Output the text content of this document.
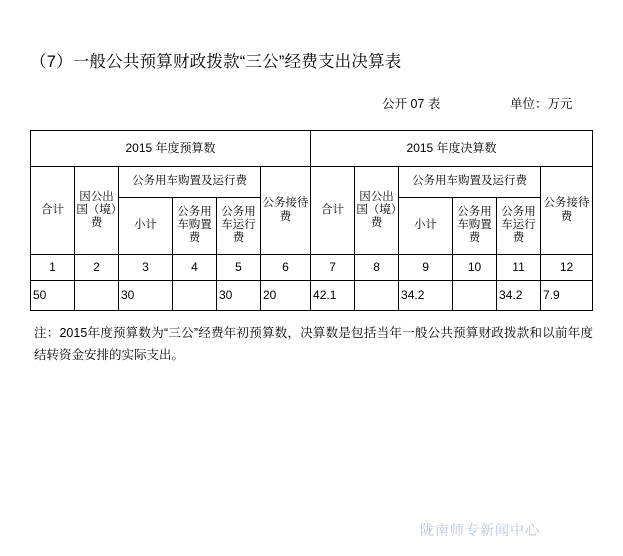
（7）一般公共预算财政拨款“三公”经费支出决算表
公开 07 表	单位：万元
2015 年度预算数						2015 年度决算数					

合计	因公出国（境）费	公务用车购置及运行费			公务接待费	合计	因公出国（境）费	公务用车购置及运行费			公务接待费

		小计	公务用车购置费	公务用车运行费				小计	公务用车购置费	公务用车运行费	

1	2	3	4	5	6	7	8	9	10	11	12
50		30		30	20	42.1		34.2		34.2	7.9

注：2015年度预算数为“三公”经费年初预算数，决算数是包括当年一般公共预算财政拨款和以前年度结转资金安排的实际支出。

陇南师专新闻中心
